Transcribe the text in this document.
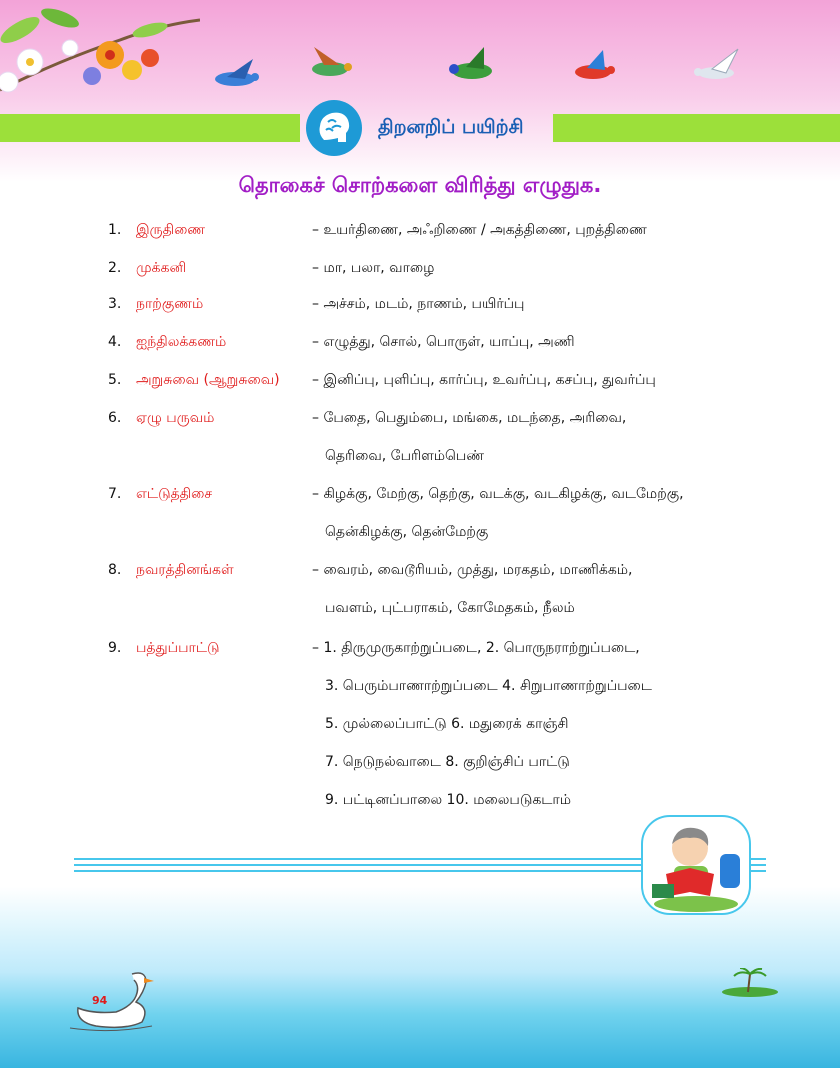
திறனறிப் பயிற்சி
தொகைச் சொற்களை விரித்து எழுதுக.
1. இருதிணை	– உயர்திணை, அஃறிணை / அகத்திணை, புறத்திணை
2. முக்கனி	– மா, பலா, வாழை
3. நாற்குணம்	– அச்சம், மடம், நாணம், பயிர்ப்பு
4. ஐந்திலக்கணம்	– எழுத்து, சொல், பொருள், யாப்பு, அணி
5. அறுசுவை (ஆறுசுவை) – இனிப்பு, புளிப்பு, கார்ப்பு, உவர்ப்பு, கசப்பு, துவர்ப்பு
6. ஏழு பருவம்	– பேதை, பெதும்பை, மங்கை, மடந்தை, அரிவை,
தெரிவை, பேரிளம்பெண்
7. எட்டுத்திசை	– கிழக்கு, மேற்கு, தெற்கு, வடக்கு, வடகிழக்கு, வடமேற்கு,
தென்கிழக்கு, தென்மேற்கு
8. நவரத்தினங்கள்	– வைரம், வைடூரியம், முத்து, மரகதம், மாணிக்கம்,
பவளம், புட்பராகம், கோமேதகம், நீலம்
9. பத்துப்பாட்டு	– 1. திருமுருகாற்றுப்படை, 2. பொருநராற்றுப்படை,
3. பெரும்பாணாற்றுப்படை 4. சிறுபாணாற்றுப்படை
5. முல்லைப்பாட்டு 6. மதுரைக் காஞ்சி
7. நெடுநல்வாடை 8. குறிஞ்சிப் பாட்டு
9. பட்டினப்பாலை 10. மலைபடுகடாம்
94
